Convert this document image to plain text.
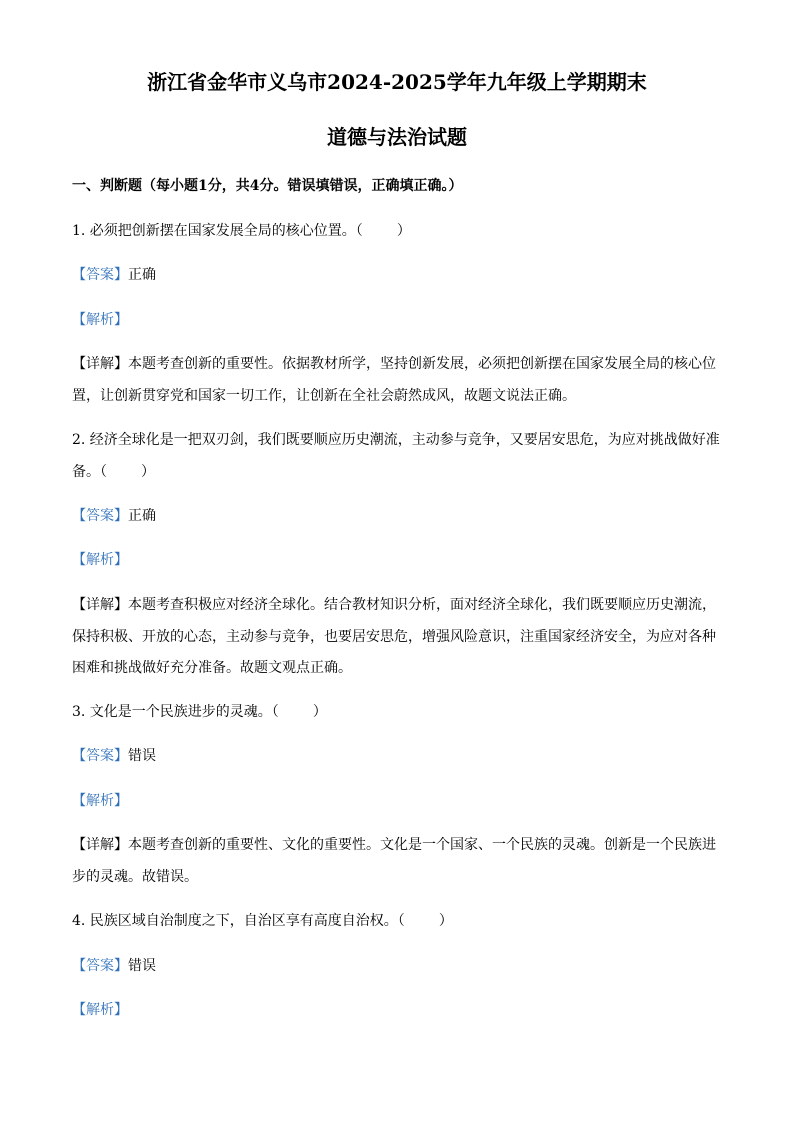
浙江省金华市义乌市2024-2025学年九年级上学期期末
道德与法治试题

一、判断题（每小题1分，共4分。错误填错误，正确填正确。）

1. 必须把创新摆在国家发展全局的核心位置。（ ）

【答案】正确

【解析】

【详解】本题考查创新的重要性。依据教材所学，坚持创新发展，必须把创新摆在国家发展全局的核心位

置，让创新贯穿党和国家一切工作，让创新在全社会蔚然成风，故题文说法正确。

2. 经济全球化是一把双刃剑，我们既要顺应历史潮流，主动参与竞争，又要居安思危，为应对挑战做好准

备。（ ）

【答案】正确

【解析】

【详解】本题考查积极应对经济全球化。结合教材知识分析，面对经济全球化，我们既要顺应历史潮流，

保持积极、开放的心态，主动参与竞争，也要居安思危，增强风险意识，注重国家经济安全，为应对各种

困难和挑战做好充分准备。故题文观点正确。

3. 文化是一个民族进步的灵魂。（ ）

【答案】错误

【解析】

【详解】本题考查创新的重要性、文化的重要性。文化是一个国家、一个民族的灵魂。创新是一个民族进

步的灵魂。故错误。

4. 民族区域自治制度之下，自治区享有高度自治权。（ ）

【答案】错误

【解析】
